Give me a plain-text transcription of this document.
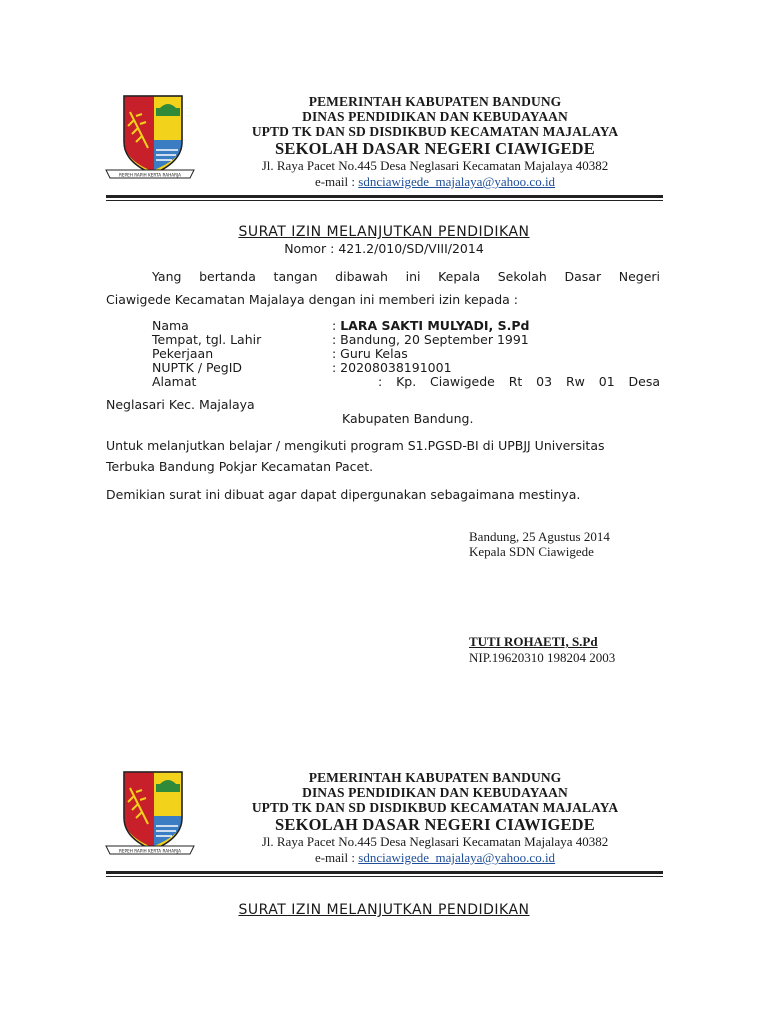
REPEH RAPIH KERTA RAHARJA
PEMERINTAH KABUPATEN BANDUNG
DINAS PENDIDIKAN DAN KEBUDAYAAN
UPTD TK DAN SD DISDIKBUD KECAMATAN MAJALAYA
SEKOLAH DASAR NEGERI CIAWIGEDE
Jl. Raya Pacet No.445 Desa Neglasari Kecamatan Majalaya 40382
e-mail : sdnciawigede_majalaya@yahoo.co.id
SURAT IZIN MELANJUTKAN PENDIDIKAN
Nomor : 421.2/010/SD/VIII/2014
Yang bertanda tangan dibawah ini Kepala Sekolah Dasar Negeri
Ciawigede Kecamatan Majalaya dengan ini memberi izin kepada :
Nama	: LARA SAKTI MULYADI, S.Pd
Tempat, tgl. Lahir	: Bandung, 20 September 1991
Pekerjaan	: Guru Kelas
NUPTK / PegID	: 20208038191001
Alamat	: Kp. Ciawigede Rt 03 Rw 01 Desa
Neglasari Kec. Majalaya
Kabupaten Bandung.
Untuk melanjutkan belajar / mengikuti program S1.PGSD-BI di UPBJJ Universitas
Terbuka Bandung Pokjar Kecamatan Pacet.
Demikian surat ini dibuat agar dapat dipergunakan sebagaimana mestinya.
Bandung, 25 Agustus 2014
Kepala SDN Ciawigede
TUTI ROHAETI, S.Pd
NIP.19620310 198204 2003
REPEH RAPIH KERTA RAHARJA
PEMERINTAH KABUPATEN BANDUNG
DINAS PENDIDIKAN DAN KEBUDAYAAN
UPTD TK DAN SD DISDIKBUD KECAMATAN MAJALAYA
SEKOLAH DASAR NEGERI CIAWIGEDE
Jl. Raya Pacet No.445 Desa Neglasari Kecamatan Majalaya 40382
e-mail : sdnciawigede_majalaya@yahoo.co.id
SURAT IZIN MELANJUTKAN PENDIDIKAN
